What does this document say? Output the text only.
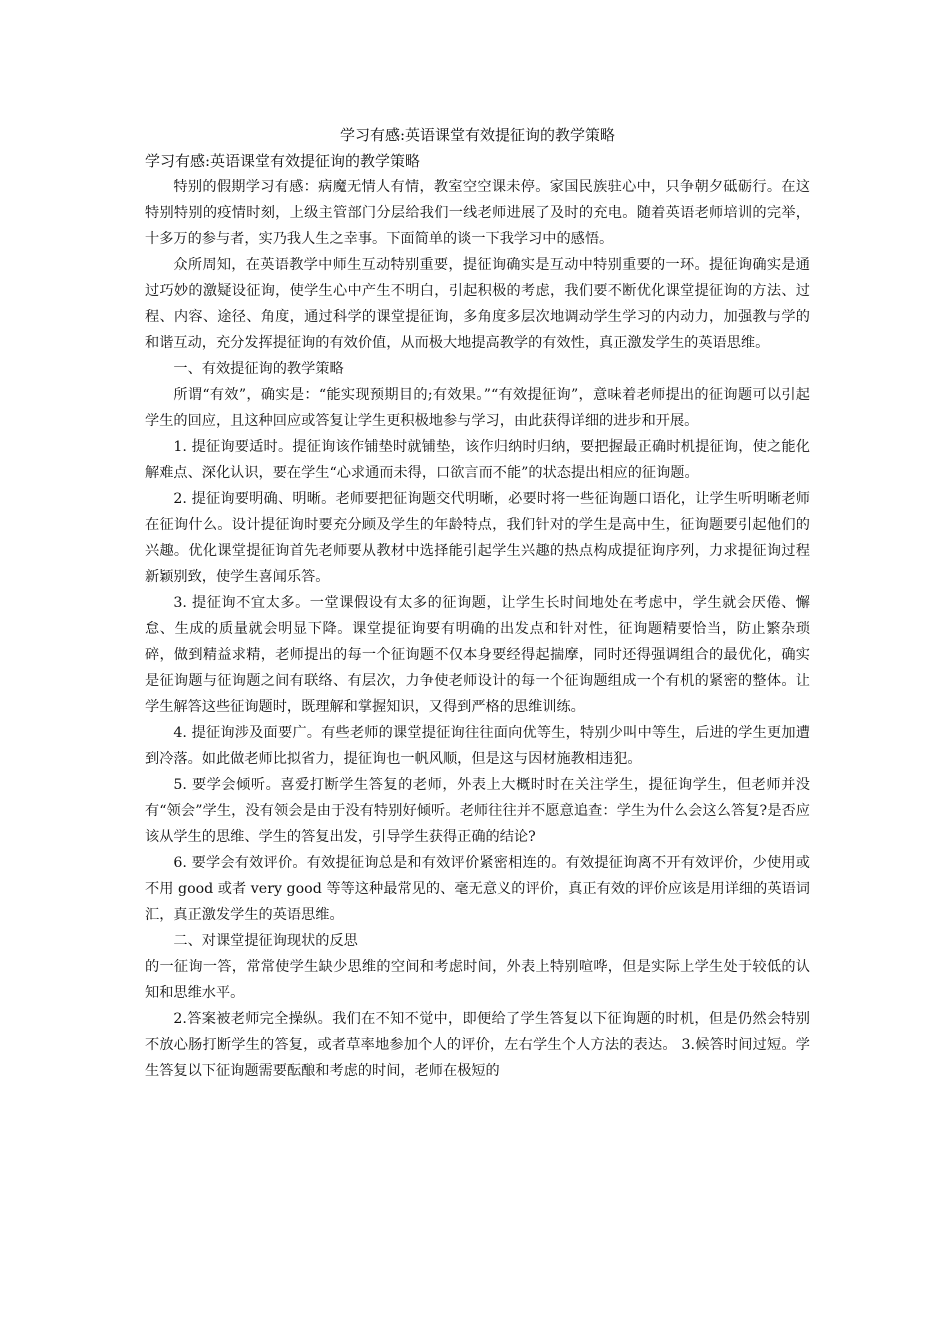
学习有感:英语课堂有效提征询的教学策略
学习有感:英语课堂有效提征询的教学策略

特别的假期学习有感：病魔无情人有情，教室空空课未停。家国民族驻心中，只争朝夕砥砺行。在这特别特别的疫情时刻，上级主管部门分层给我们一线老师进展了及时的充电。随着英语老师培训的完举，十多万的参与者，实乃我人生之幸事。下面简单的谈一下我学习中的感悟。

众所周知，在英语教学中师生互动特别重要，提征询确实是互动中特别重要的一环。提征询确实是通过巧妙的激疑设征询，使学生心中产生不明白，引起积极的考虑，我们要不断优化课堂提征询的方法、过程、内容、途径、角度，通过科学的课堂提征询，多角度多层次地调动学生学习的内动力，加强教与学的和谐互动，充分发挥提征询的有效价值，从而极大地提高教学的有效性，真正激发学生的英语思维。

一、有效提征询的教学策略

所谓“有效”，确实是：“能实现预期目的;有效果。”“有效提征询”，意味着老师提出的征询题可以引起学生的回应，且这种回应或答复让学生更积极地参与学习，由此获得详细的进步和开展。

1. 提征询要适时。提征询该作铺垫时就铺垫，该作归纳时归纳，要把握最正确时机提征询，使之能化解难点、深化认识，要在学生“心求通而未得，口欲言而不能”的状态提出相应的征询题。

2. 提征询要明确、明晰。老师要把征询题交代明晰，必要时将一些征询题口语化，让学生听明晰老师在征询什么。设计提征询时要充分顾及学生的年龄特点，我们针对的学生是高中生，征询题要引起他们的兴趣。优化课堂提征询首先老师要从教材中选择能引起学生兴趣的热点构成提征询序列，力求提征询过程新颖别致，使学生喜闻乐答。

3. 提征询不宜太多。一堂课假设有太多的征询题，让学生长时间地处在考虑中，学生就会厌倦、懈怠、生成的质量就会明显下降。课堂提征询要有明确的出发点和针对性，征询题精要恰当，防止繁杂琐碎，做到精益求精，老师提出的每一个征询题不仅本身要经得起揣摩，同时还得强调组合的最优化，确实是征询题与征询题之间有联络、有层次，力争使老师设计的每一个征询题组成一个有机的紧密的整体。让学生解答这些征询题时，既理解和掌握知识，又得到严格的思维训练。

4. 提征询涉及面要广。有些老师的课堂提征询往往面向优等生，特别少叫中等生，后进的学生更加遭到冷落。如此做老师比拟省力，提征询也一帆风顺，但是这与因材施教相违犯。

5. 要学会倾听。喜爱打断学生答复的老师，外表上大概时时在关注学生，提征询学生，但老师并没有“领会”学生，没有领会是由于没有特别好倾听。老师往往并不愿意追查：学生为什么会这么答复?是否应该从学生的思维、学生的答复出发，引导学生获得正确的结论?

6. 要学会有效评价。有效提征询总是和有效评价紧密相连的。有效提征询离不开有效评价，少使用或不用 good 或者 very good 等等这种最常见的、毫无意义的评价，真正有效的评价应该是用详细的英语词汇，真正激发学生的英语思维。

二、对课堂提征询现状的反思

的一征询一答，常常使学生缺少思维的空间和考虑时间，外表上特别喧哗，但是实际上学生处于较低的认知和思维水平。

2.答案被老师完全操纵。我们在不知不觉中，即便给了学生答复以下征询题的时机，但是仍然会特别不放心肠打断学生的答复，或者草率地参加个人的评价，左右学生个人方法的表达。 3.候答时间过短。学生答复以下征询题需要酝酿和考虑的时间，老师在极短的
